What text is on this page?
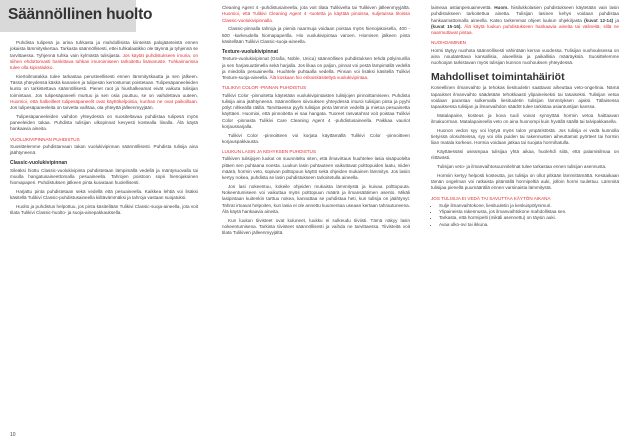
Säännöllinen huolto

Puhdista tulipesä ja arina tuhkasta ja mahdollisista kiinteistä palojäänteistä ennen jokaista lämmityskertaa. Tarkasta säännöllisesti, ettei tuhkalaatikko ole täynnä ja tyhjennä se tarvittaessa. Tyhjennä tuhka vain kylmästä tulisijasta. Jos käytät puhdistukseen imuria, on siihen ehdottomasti hankittava tuhkan imuroimiseen tarkoitettu lisävaruste. Tuhkaimurissa tulee olla kipinälukko.

Kiertoilmatakka tulee tarkastaa perusteellisesti ennen lämmityskautta ja sen jälkeen. Tässä yhteydessä käskä kanavien ja tulipesän kerrostumat poistetaan. Tulipesäpaneeleiden kunto on tarkistettava säännöllisesti. Pienet raot ja hiushalkeamat eivät vaikuta tulisijan toimintaan. Jos tulipesäpaneeli murtuu ja sen osia puuttuu, se on vaihdettava uuteen. Huomioi, että halkeilleet tulipesäpaneelit ovat käyttökelpoisia, kunhan ne ovat paikoillaan. Jos tulipesäpaneeleita on tarvetta vaihtaa, ota yhteyttä jälleenmyyjään.

Tulipesäpaneeleiden vaihdon yhteydessä on suositeltavaa puhdistaa tulipesä myös paneeleiden takaa. Puhdista tulisijan ulkopinnat kevyesti kostealla liinalla. Älä käytä hankaavia aineita.

VUOLUKIVIPINNAN PUHDISTUS

Suosittelemme puhdistamaan takan vuolukivipinnan säännöllisesti. Puhdista tulisija aina jäähtyneenä.

Classic-vuolukivipinnan

Sileäksi hiottu Classic-vuolukivipinta puhdistetaan lämpimällä vedellä ja mäntysuovalla tai muulla hangatusaineettomalla pesuaineella. Tahrojen poistoon sopii hienojakoinen hiomapaperi. Puhdistuksen jälkeen pinta kuivataan huolellisesti.

Harjattu pinta puhdistetaan sekä vedellä että pesuaineella. Kaikkea lehtiä voi lisäksi käsitellä Tulikivi Classic-puhdistusaineella kiiltävämmäksi ja tahroja vastaan suojatuksi.

Huolto ja puhdistus helpottuu, jos pinta käsitellään Tulikivi Classic-suoja-aineella, jota voit tilata Tulikivi Classic-huolto- ja suoja-ainepakkauksella.

Cleaning Agent 4 -puhdistusaineella, jota voit tilata Tulikivelta tai Tulikiven jälleenmyyjältä. Huomioi, että Tulikivi Cleaning Agent 4 -tuotetta ja käyttää pinoissa, suljetuissa tiloissa Classic-vuolukivipinnalla.

Classic-pinnalla tahroja ja pieniä naarmuja voidaan poistaa myös hienojakoisella, 400 - 600 -karkeudella hiomapaperilla. Hio vuolukivipintaa varoen. Hiomisen jälkeen pinta käsitellään Tulikivi Classic-suoja-aineella.

Texture-vuolukivipinnat

Texture-vuolukivipinnat (Grafia, Noble, Unica) säännöllisen puhdistuksen tehdä pölyimurilla ja sen harjasuuttimella sekä harjalla. Jos likaa on paljon, pinnat voi pestä lämpimällä vedellä ja miedolla pesuaineella. Huuhtele puhtaalla vedellä. Pinnan voi lisäksi käsitellä Tulikivi Texture-suoja-aineella. Älä koskaan hio erikoiskäsiteltyä vuolukivipintaa.

TULIKIVI COLOR -PINNAN PUHDISTUS

Tulikivi Color -pinnoitetta käytetään vuolukivipintaisten tulisijojen pinnoittamiseen. Puhdista tulisija aina jäähtyneenä. Säännöllisen siivouksen yhteydessä imuroi tulisijan pinta ja pyyhi pölyt nihkeällä rätillä. Tarvittaessa pyyhi tulisijan pinta lämmin vedellä ja mietoa pesuainetta käyttäen. Huomioi, että pinnoitetta ei saa hangata. Tuoreet rasvatahrat voit poistaa Tulikivi Color -pinnasta Tulikivi Care Cleaning Agent 4 -puhdistusaineella. Paikkaa vauriot korjaussarjalla.

Tulikivi Color -pinnoitteen voi korjata käyttämällä Tulikivi Color -pinnoitteen korjauspakkausta.

LUUKUN LASIN JA KEHYKSEN PUHDISTUS

Tulikiven tulisijojen luukut on suunniteltu siten, että ilmavirtaus huuhtelee lasia sisäpuolelta pitäen sen puhtaana noesta. Luukun lasin puhtauteen vaikuttavat polttopuiden laatu, niiden määrä, hormin veto, sopivan polttopuun käyttö sekä ohjeiden mukainen lämmitys. Jos lasiin kertyy nokea, puhdista se lasin puhdistukseen tarkoitetulla aineella.

Jos lasi nokeentuu, kokeile ohjeiden mukaista lämmitystä ja kuivaa polttopuuta. Nokeentumiseen voi vaikuttaa myös polttopuun määrä ja ilmansäätimen asento. Mikäli lasipintaan kuitenkin tarttuu nokea, kannattaa se puhdistaa heti, kun tulisija on jäähtynyt. Tahrat irtoavat helpoiten, kun lasia ei ole annettu kuumentaa useaan kertaan tahrautuneena. Älä käytä hankaavia aineita.

Kun luukun tiivisteet ovat kuluneet, luukku ei sulkeudu tiiviisti. Tämä näkyy lasin nokeentumisena. Tarkista tiivisteet säännöllisesti ja vaihda ne tarvittaessa. Tiivisteitä voit tilata Tulikiven jälleenmyyjältä.

laimeaa astianpesuainevettä. Huom. hiisilukkolasien puhdistukseen käytetään vain lasin puhdistukseen tarkoitettua ainetta. Tulisijan lasinen kehys voidaan puhdistaa hankaamattomalla aineella. Katso tarkemmat ohjeet luukun ohjekirjasta (kuvat 12-14) ja (kuvat 15-16). Älä käytä luukun puhdistukseen hankaavia aineita tai välineitä, sillä ne naarmuttavat pintaa.

NUOHOAMINEN

Hormi täytyy nuohota säännöllisesti vähintään kerran vuodessa. Tulisijan nuohouksessa on aina noudatettava kansallisia, alueellisia ja paikallisia määräyksiä. Suosittelemme nuohoojan tarkistavan myös tulisijan kunnon nuohouksen yhteydessä.

Mahdolliset toimintahäiriöt

Koneellinen ilmanvaihto ja tehokas liesituuletin saattavat aiheuttaa veto-ongelmia. Nämä tapaukset ilmanvaihto säädetään tehokkaasti ylipaineiseksi tai tasaiseksi. Tulisijan vetoa voidaan parantaa sulkemalla liesituuletin tulisijan lämmityksen ajaksi. Tällaisessa tapauksessa tulisijan ja ilmanvaihdon säädöt tulee tarkistaa asiantuntijan kanssa.

Matalapaine, kosteus ja kova tuuli voivat synnyttää hormin vetoa haittaavan ilmakuorman. Matalapaineella veto on aina huonompi kuin hyvällä säällä tai talvipakkasella.

Huonon vedon syy voi löytyä myös talon ympäristöstä. Jos tulisija ei vedä kunnolla tietyissä olosuhteissa, syy voi olla puiden tai rakennusten aiheuttamat pyörteet tai hormin liian matala korkeus. Hormia voidaan jatkaa tai suojata hormihatulla.

Käyttäessäsi useampaa tulisijaa yhtä aikaa, huolehdi siitä, että palamisilmaa on riittävästi.

Tulisijan veto- ja ilmanvaihtosuunnitelmat tulee tarkastaa ennen tulisijan asennusta.

Hormiin kertyy helposti kosteutta, jos tulisija on ollut pitkään lämmittämättä. Kesäaikaan tämän ongelman voi ratkaista pitämällä hormipeltiä auki, jolloin hormi tuulettuu. Lämmitä tulisijaa pienellä puumäärällä ennen varsinaista lämmitystä.

JOS TULISIJA EI VEDÄ TAI SAVUTTAA KÄYTÖN AIKANA
• Sulje ilmanvaihtokone, liesituuletin ja keskuspölynimuri.
• Ylipaineista rakennusta, jos ilmanvaihtokone mahdollistaa sen.
• Tarkasta, että hormipelti (mikäli asennettu) on täysin auki.
• Avaa ulko-ovi tai ikkuna.
10
